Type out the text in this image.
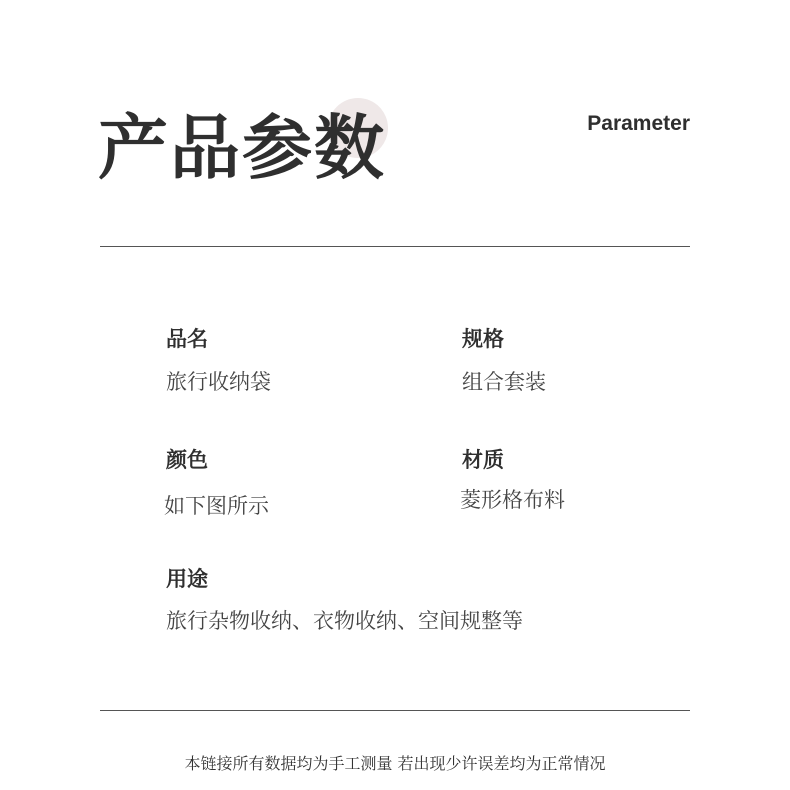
产品参数	Parameter
品名
旅行收纳袋
规格
组合套装
颜色
如下图所示
材质
菱形格布料
用途
旅行杂物收纳、衣物收纳、空间规整等
本链接所有数据均为手工测量 若出现少许误差均为正常情况
